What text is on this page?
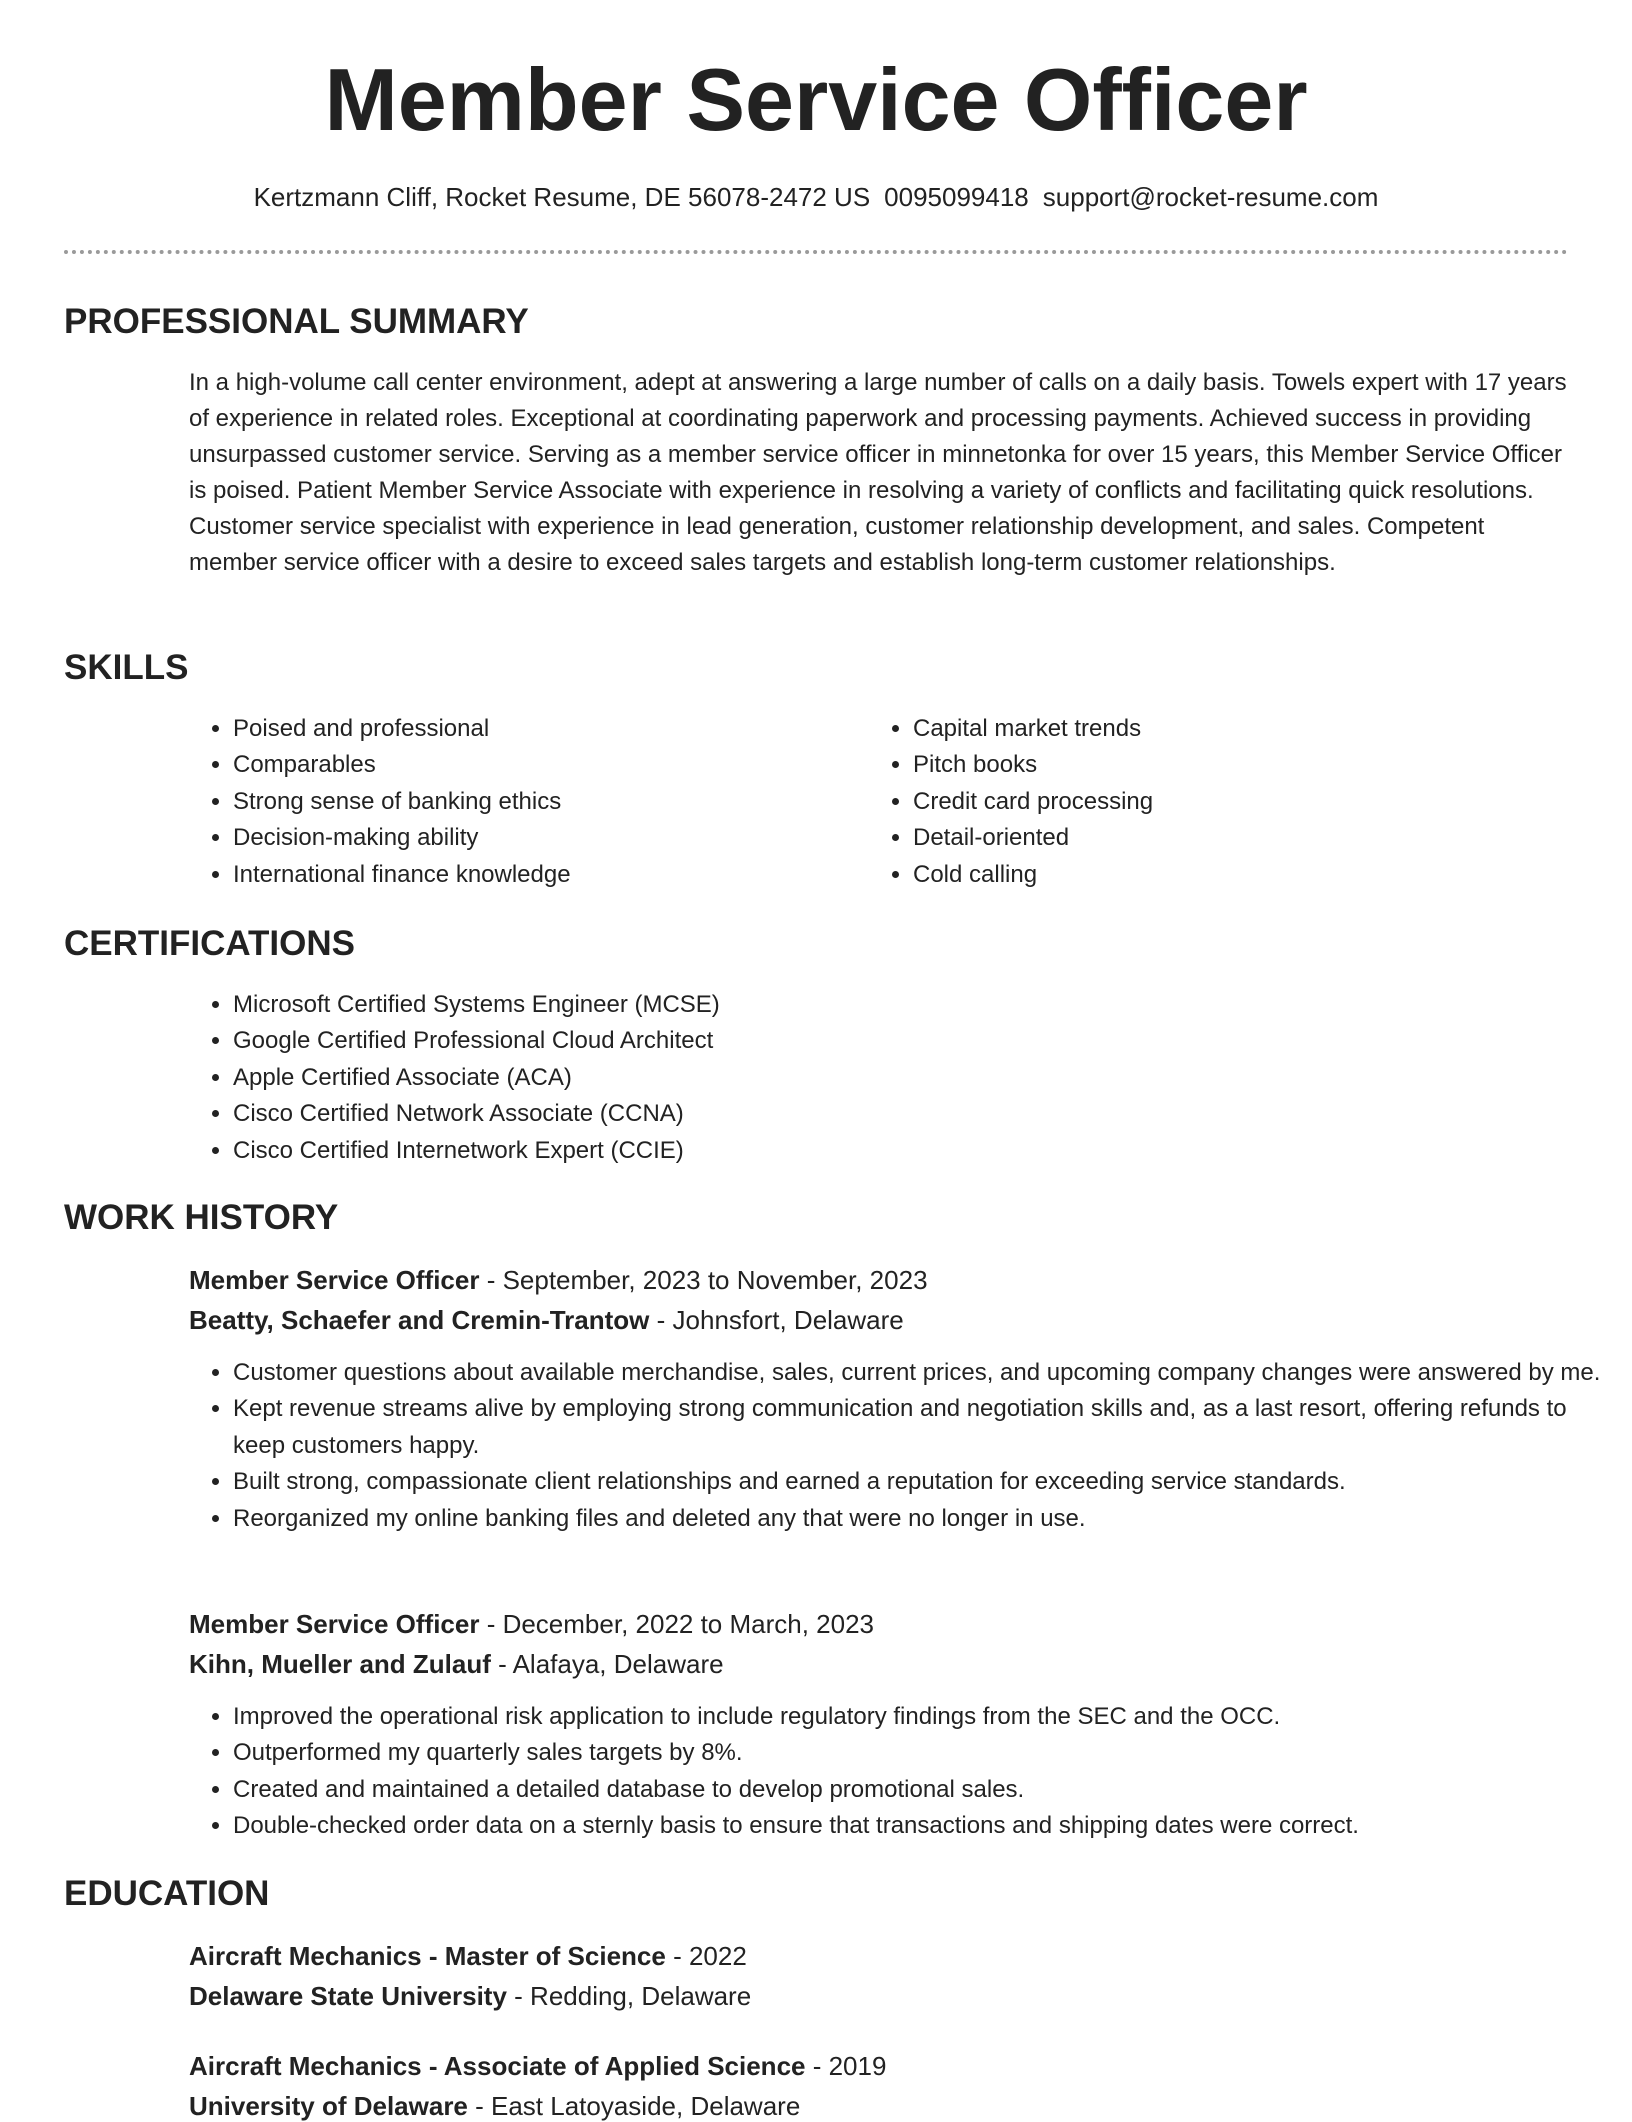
Member Service Officer
Kertzmann Cliff, Rocket Resume, DE 56078-2472 US 0095099418 support@rocket-resume.com
PROFESSIONAL SUMMARY

In a high-volume call center environment, adept at answering a large number of calls on a daily basis. Towels expert with 17 years of experience in related roles. Exceptional at coordinating paperwork and processing payments. Achieved success in providing unsurpassed customer service. Serving as a member service officer in minnetonka for over 15 years, this Member Service Officer is poised. Patient Member Service Associate with experience in resolving a variety of conflicts and facilitating quick resolutions. Customer service specialist with experience in lead generation, customer relationship development, and sales. Competent member service officer with a desire to exceed sales targets and establish long-term customer relationships.

SKILLS
• Poised and professional
• Comparables
• Strong sense of banking ethics
• Decision-making ability
• International finance knowledge
• Capital market trends
• Pitch books
• Credit card processing
• Detail-oriented
• Cold calling
CERTIFICATIONS
• Microsoft Certified Systems Engineer (MCSE)
• Google Certified Professional Cloud Architect
• Apple Certified Associate (ACA)
• Cisco Certified Network Associate (CCNA)
• Cisco Certified Internetwork Expert (CCIE)
WORK HISTORY
Member Service Officer - September, 2023 to November, 2023
Beatty, Schaefer and Cremin-Trantow - Johnsfort, Delaware
• Customer questions about available merchandise, sales, current prices, and upcoming company changes were answered by me.
• Kept revenue streams alive by employing strong communication and negotiation skills and, as a last resort, offering refunds to keep customers happy.
• Built strong, compassionate client relationships and earned a reputation for exceeding service standards.
• Reorganized my online banking files and deleted any that were no longer in use.
Member Service Officer - December, 2022 to March, 2023
Kihn, Mueller and Zulauf - Alafaya, Delaware
• Improved the operational risk application to include regulatory findings from the SEC and the OCC.
• Outperformed my quarterly sales targets by 8%.
• Created and maintained a detailed database to develop promotional sales.
• Double-checked order data on a sternly basis to ensure that transactions and shipping dates were correct.
EDUCATION
Aircraft Mechanics - Master of Science - 2022
Delaware State University - Redding, Delaware
Aircraft Mechanics - Associate of Applied Science - 2019
University of Delaware - East Latoyaside, Delaware
